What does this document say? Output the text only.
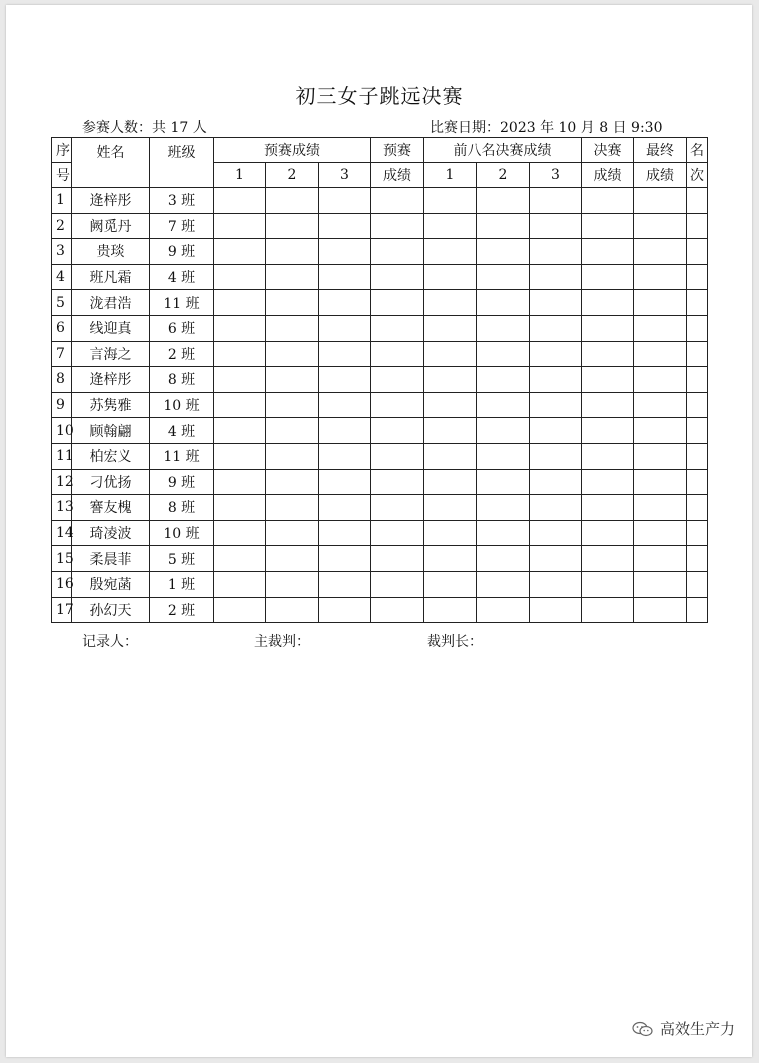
初三女子跳远决赛
参赛人数：共 17 人	比赛日期：2023 年 10 月 8 日 9:30
序	姓名	班级	预赛成绩			预赛	前八名决赛成绩			决赛	最终	名
号			1	2	3	成绩	1	2	3	成绩	成绩	次
1	逄梓彤	3 班										
2	阙觅丹	7 班										
3	贵琰	9 班										
4	班凡霜	4 班										
5	泷君浩	11 班										
6	线迎真	6 班										
7	言海之	2 班										
8	逄梓彤	8 班										
9	苏隽雅	10 班										
10	顾翰翩	4 班										
11	柏宏义	11 班										
12	刁优扬	9 班										
13	謇友槐	8 班										
14	琦凌波	10 班										
15	柔晨菲	5 班										
16	殷宛菡	1 班										
17	孙幻天	2 班										
记录人：	主裁判：	裁判长：
高效生产力
